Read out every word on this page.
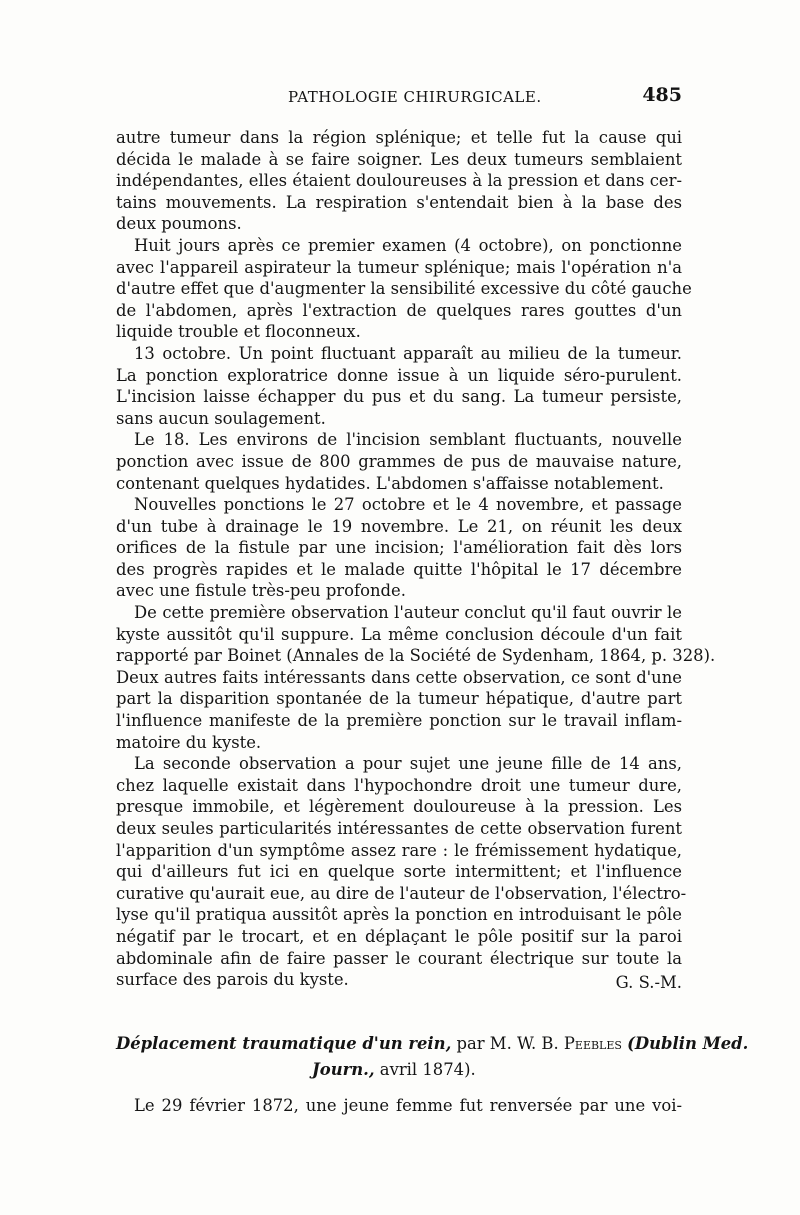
PATHOLOGIE CHIRURGICALE.	485
autre tumeur dans la région splénique; et telle fut la cause qui
décida le malade à se faire soigner. Les deux tumeurs semblaient
indépendantes, elles étaient douloureuses à la pression et dans cer-
tains mouvements. La respiration s'entendait bien à la base des
deux poumons.
Huit jours après ce premier examen (4 octobre), on ponctionne
avec l'appareil aspirateur la tumeur splénique; mais l'opération n'a
d'autre effet que d'augmenter la sensibilité excessive du côté gauche
de l'abdomen, après l'extraction de quelques rares gouttes d'un
liquide trouble et floconneux.
13 octobre. Un point fluctuant apparaît au milieu de la tumeur.
La ponction exploratrice donne issue à un liquide séro-purulent.
L'incision laisse échapper du pus et du sang. La tumeur persiste,
sans aucun soulagement.
Le 18. Les environs de l'incision semblant fluctuants, nouvelle
ponction avec issue de 800 grammes de pus de mauvaise nature,
contenant quelques hydatides. L'abdomen s'affaisse notablement.
Nouvelles ponctions le 27 octobre et le 4 novembre, et passage
d'un tube à drainage le 19 novembre. Le 21, on réunit les deux
orifices de la fistule par une incision; l'amélioration fait dès lors
des progrès rapides et le malade quitte l'hôpital le 17 décembre
avec une fistule très-peu profonde.
De cette première observation l'auteur conclut qu'il faut ouvrir le
kyste aussitôt qu'il suppure. La même conclusion découle d'un fait
rapporté par Boinet (Annales de la Société de Sydenham, 1864, p. 328).
Deux autres faits intéressants dans cette observation, ce sont d'une
part la disparition spontanée de la tumeur hépatique, d'autre part
l'influence manifeste de la première ponction sur le travail inflam-
matoire du kyste.
La seconde observation a pour sujet une jeune fille de 14 ans,
chez laquelle existait dans l'hypochondre droit une tumeur dure,
presque immobile, et légèrement douloureuse à la pression. Les
deux seules particularités intéressantes de cette observation furent
l'apparition d'un symptôme assez rare : le frémissement hydatique,
qui d'ailleurs fut ici en quelque sorte intermittent; et l'influence
curative qu'aurait eue, au dire de l'auteur de l'observation, l'électro-
lyse qu'il pratiqua aussitôt après la ponction en introduisant le pôle
négatif par le trocart, et en déplaçant le pôle positif sur la paroi
abdominale afin de faire passer le courant électrique sur toute la
surface des parois du kyste.	G. S.-M.
Déplacement traumatique d'un rein, par M. W. B. Peebles (Dublin Med.
Journ., avril 1874).
Le 29 février 1872, une jeune femme fut renversée par une voi-
